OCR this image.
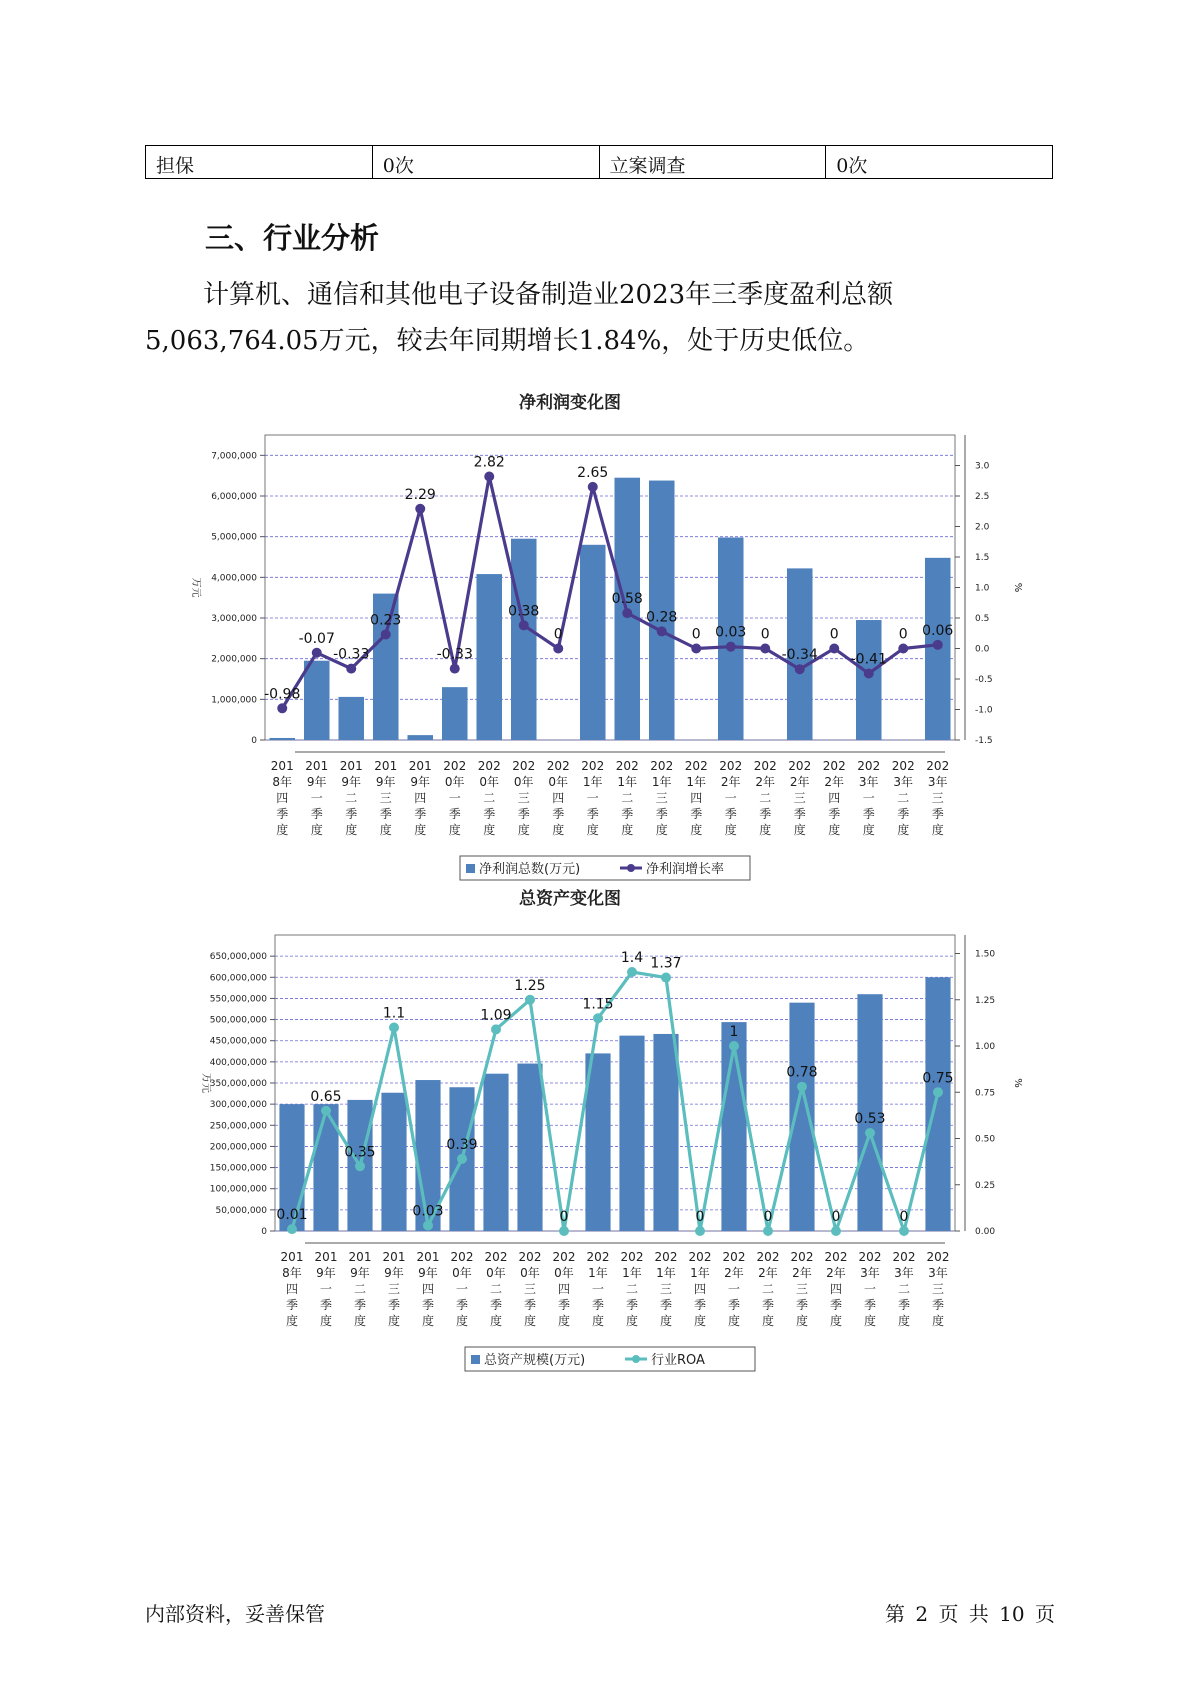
担保	0次	立案调查	0次
三、行业分析
计算机、通信和其他电子设备制造业2023年三季度盈利总额
5,063,764.05万元，较去年同期增长1.84%，处于历史低位。
净利润变化图
0
1,000,000
2,000,000
3,000,000
4,000,000
5,000,000
6,000,000
7,000,000
-1.5
-1.0
-0.5
0.0
0.5
1.0
1.5
2.0
2.5
3.0
万元	%
-0.98
-0.07
-0.33
0.23
2.29
-0.33
2.82
0.38
0
2.65
0.58
0.28
0 0.03 0
-0.34
0
-0.41
0 0.06
201
8年
四
季
度
201
9年
一
季
度
201
9年
二
季
度
201
9年
三
季
度
201
9年
四
季
度
202
0年
一
季
度
202
0年
二
季
度
202
0年
三
季
度
202
0年
四
季
度
202
1年
一
季
度
202
1年
二
季
度
202
1年
三
季
度
202
1年
四
季
度
202
2年
一
季
度
202
2年
二
季
度
202
2年
三
季
度
202
2年
四
季
度
202
3年
一
季
度
202
3年
二
季
度
202
3年
三
季
度
净利润总数(万元)	净利润增长率
总资产变化图
0
50,000,000
100,000,000
150,000,000
200,000,000
250,000,000
300,000,000
350,000,000
400,000,000
450,000,000
500,000,000
550,000,000
600,000,000
650,000,000
0.00
0.25
0.50
0.75
1.00
1.25
1.50
万元	%
0.01
0.65
0.35
1.1
0.03
0.39
1.09
1.25
0
1.15
1.4 1.37
0
1
0
0.78
0
0.53
0
0.75
201
8年
四
季
度
201
9年
一
季
度
201
9年
二
季
度
201
9年
三
季
度
201
9年
四
季
度
202
0年
一
季
度
202
0年
二
季
度
202
0年
三
季
度
202
0年
四
季
度
202
1年
一
季
度
202
1年
二
季
度
202
1年
三
季
度
202
1年
四
季
度
202
2年
一
季
度
202
2年
二
季
度
202
2年
三
季
度
202
2年
四
季
度
202
3年
一
季
度
202
3年
二
季
度
202
3年
三
季
度
总资产规模(万元)	行业ROA
内部资料，妥善保管	第 2 页 共 10 页
